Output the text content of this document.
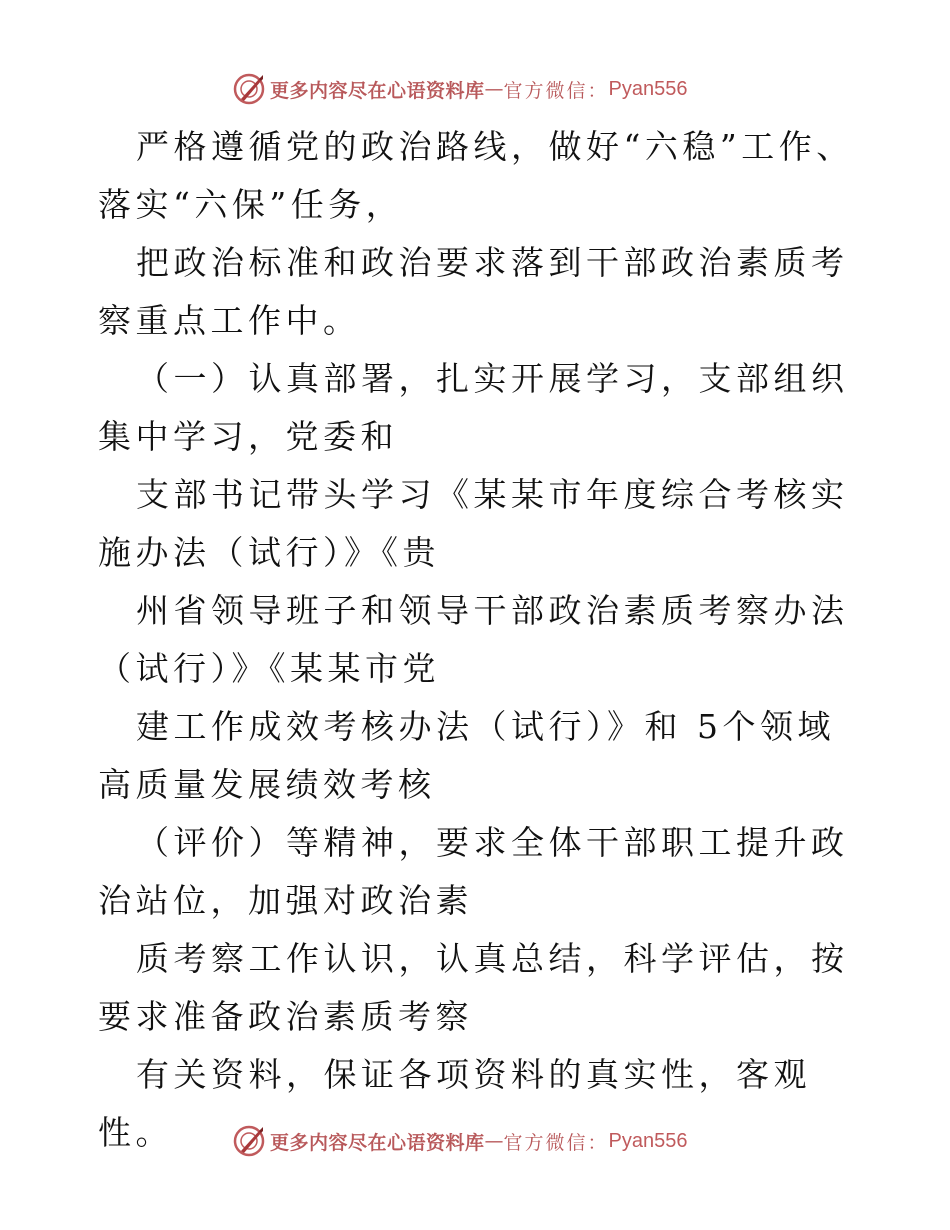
更多内容尽在心语资料库 — 官方微信： Pyan556

严格遵循党的政治路线，做好“六稳”工作、落实“六保”任务，

把政治标准和政治要求落到干部政治素质考察重点工作中。

（一）认真部署，扎实开展学习，支部组织集中学习，党委和

支部书记带头学习《某某市年度综合考核实施办法（试行）》《贵

州省领导班子和领导干部政治素质考察办法（试行）》《某某市党

建工作成效考核办法（试行）》和 5个领域高质量发展绩效考核

（评价）等精神，要求全体干部职工提升政治站位，加强对政治素

质考察工作认识，认真总结，科学评估，按要求准备政治素质考察

有关资料，保证各项资料的真实性，客观性。	更多内容尽在心语资料库 — 官方微信： Pyan556
